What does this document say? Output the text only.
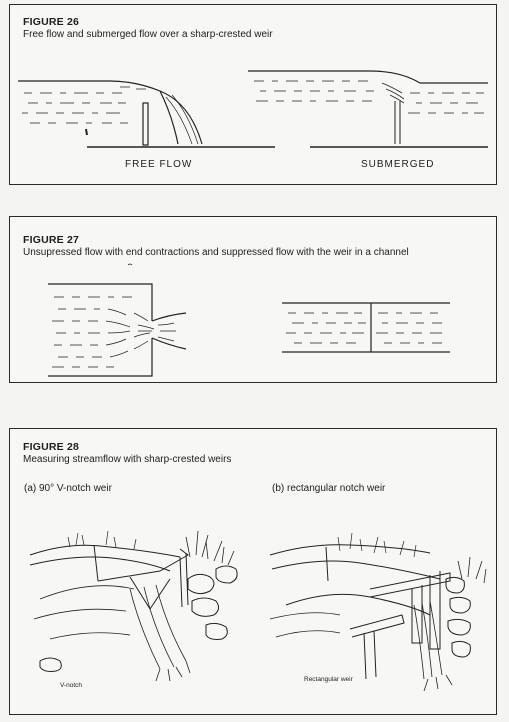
FIGURE 26
Free flow and submerged flow over a sharp-crested weir
FREE FLOW	SUBMERGED
FIGURE 27
Unsupressed flow with end contractions and suppressed flow with the weir in a channel
FIGURE 28
Measuring streamflow with sharp-crested weirs
(a) 90° V-notch weir	(b) rectangular notch weir
V-notch
Rectangular weir
